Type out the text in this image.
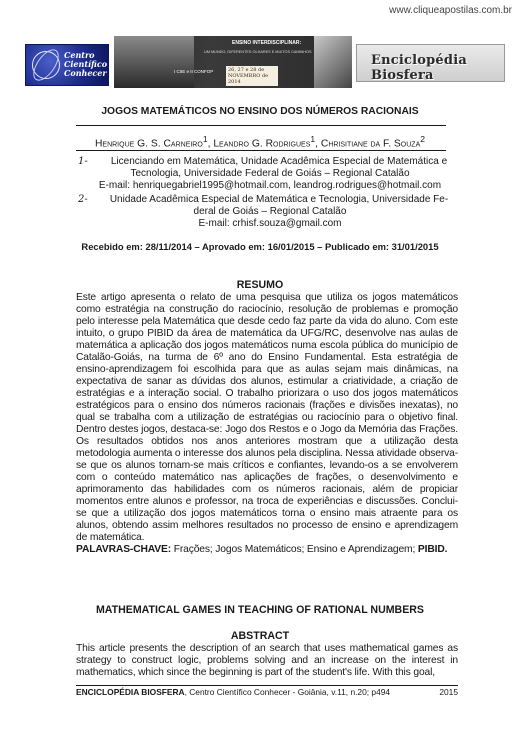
www.cliqueapostilas.com.br
Centro
Científico
Conhecer
ENSINO INTERDISCIPLINAR:
UM MUNDO, DIFERENTES OLHARES E MUITOS CAMINHOS
I CIIE e II CONFOP	26, 27 e 28 de NOVEMBRO de 2014
Enciclopédia Biosfera
JOGOS MATEMÁTICOS NO ENSINO DOS NÚMEROS RACIONAIS
Henrique G. S. Carneiro$^1$, Leandro G. Rodrigues$^1$, Chrisitiane da F. Souza$^2$
1-	Licenciando em Matemática, Unidade Acadêmica Especial de Matemática e
Tecnologia, Universidade Federal de Goiás – Regional Catalão
E-mail: henriquegabriel1995@hotmail.com, leandrog.rodrigues@hotmail.com
2-	Unidade Acadêmica Especial de Matemática e Tecnologia, Universidade Fe-
deral de Goiás – Regional Catalão
E-mail: crhisf.souza@gmail.com
Recebido em: 28/11/2014 – Aprovado em: 16/01/2015 – Publicado em: 31/01/2015
RESUMO
Este artigo apresenta o relato de uma pesquisa que utiliza os jogos matemáticos como estratégia na construção do raciocínio, resolução de problemas e promoção pelo interesse pela Matemática que desde cedo faz parte da vida do aluno. Com este intuito, o grupo PIBID da área de matemática da UFG/RC, desenvolve nas aulas de matemática a aplicação dos jogos matemáticos numa escola pública do município de Catalão-Goiás, na turma de 6º ano do Ensino Fundamental. Esta estratégia de ensino-aprendizagem foi escolhida para que as aulas sejam mais dinâmicas, na expectativa de sanar as dúvidas dos alunos, estimular a criatividade, a criação de estratégias e a interação social. O trabalho priorizara o uso dos jogos matemáticos estratégicos para o ensino dos números racionais (frações e divisões inexatas), no qual se trabalha com a utilização de estratégias ou raciocínio para o objetivo final. Dentro destes jogos, destaca-se: Jogo dos Restos e o Jogo da Memória das Frações. Os resultados obtidos nos anos anteriores mostram que a utilização desta metodologia aumenta o interesse dos alunos pela disciplina. Nessa atividade observa-se que os alunos tornam-se mais críticos e confiantes, levando-os a se envolverem com o conteúdo matemático nas aplicações de frações, o desenvolvimento e aprimoramento das habilidades com os números racionais, além de propiciar momentos entre alunos e professor, na troca de experiências e discussões. Conclui-se que a utilização dos jogos matemáticos torna o ensino mais atraente para os alunos, obtendo assim melhores resultados no processo de ensino e aprendizagem de matemática.
PALAVRAS-CHAVE: Frações; Jogos Matemáticos; Ensino e Aprendizagem; PIBID.
MATHEMATICAL GAMES IN TEACHING OF RATIONAL NUMBERS
ABSTRACT
This article presents the description of an search that uses mathematical games as strategy to construct logic, problems solving and an increase on the interest in mathematics, which since the beginning is part of the student's life. With this goal,
ENCICLOPÉDIA BIOSFERA, Centro Científico Conhecer - Goiânia, v.11, n.20; p494	2015
